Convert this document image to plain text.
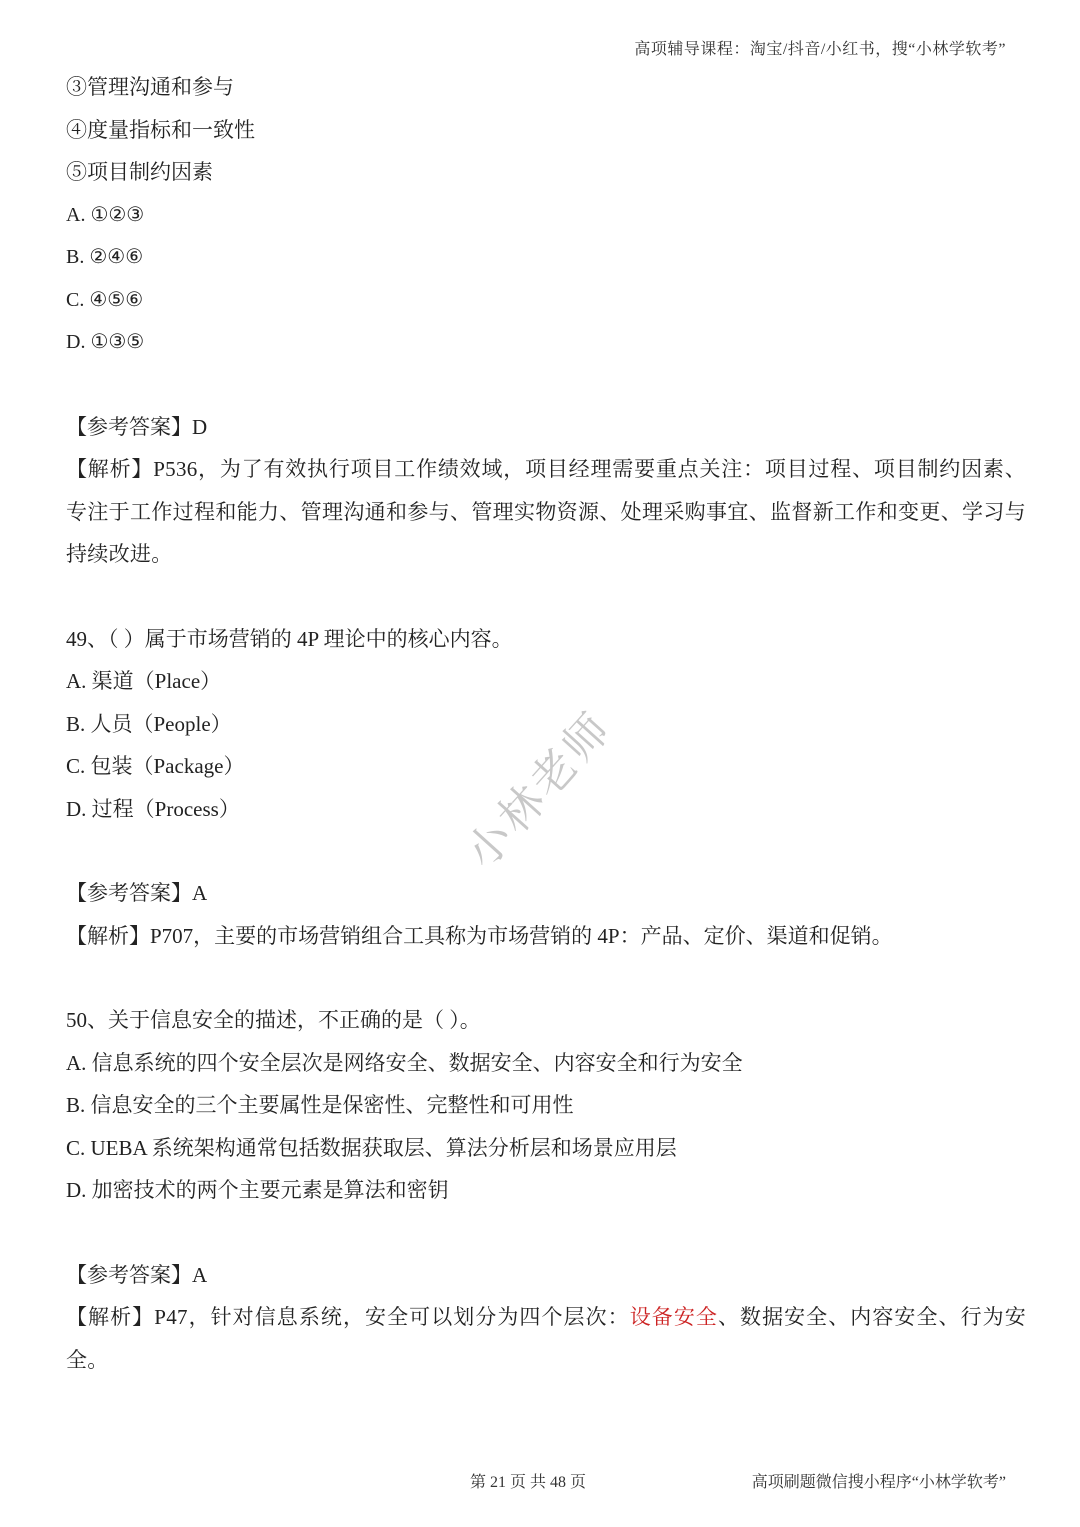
高项辅导课程：淘宝/抖音/小红书，搜“小林学软考”
③管理沟通和参与
④度量指标和一致性
⑤项目制约因素
A. ①②③
B. ②④⑥
C. ④⑤⑥
D. ①③⑤
【参考答案】D
【解析】P536，为了有效执行项目工作绩效域，项目经理需要重点关注：项目过程、项目制约因素、专注于工作过程和能力、管理沟通和参与、管理实物资源、处理采购事宜、监督新工作和变更、学习与持续改进。
49、（ ）属于市场营销的 4P 理论中的核心内容。
A. 渠道（Place）
B. 人员（People）
C. 包装（Package）
D. 过程（Process）
【参考答案】A
【解析】P707，主要的市场营销组合工具称为市场营销的 4P：产品、定价、渠道和促销。
50、关于信息安全的描述，不正确的是（ ）。
A. 信息系统的四个安全层次是网络安全、数据安全、内容安全和行为安全
B. 信息安全的三个主要属性是保密性、完整性和可用性
C. UEBA 系统架构通常包括数据获取层、算法分析层和场景应用层
D. 加密技术的两个主要元素是算法和密钥
【参考答案】A
【解析】P47，针对信息系统，安全可以划分为四个层次：设备安全、数据安全、内容安全、行为安全。
小林老师
第 21 页 共 48 页	高项刷题微信搜小程序“小林学软考”
